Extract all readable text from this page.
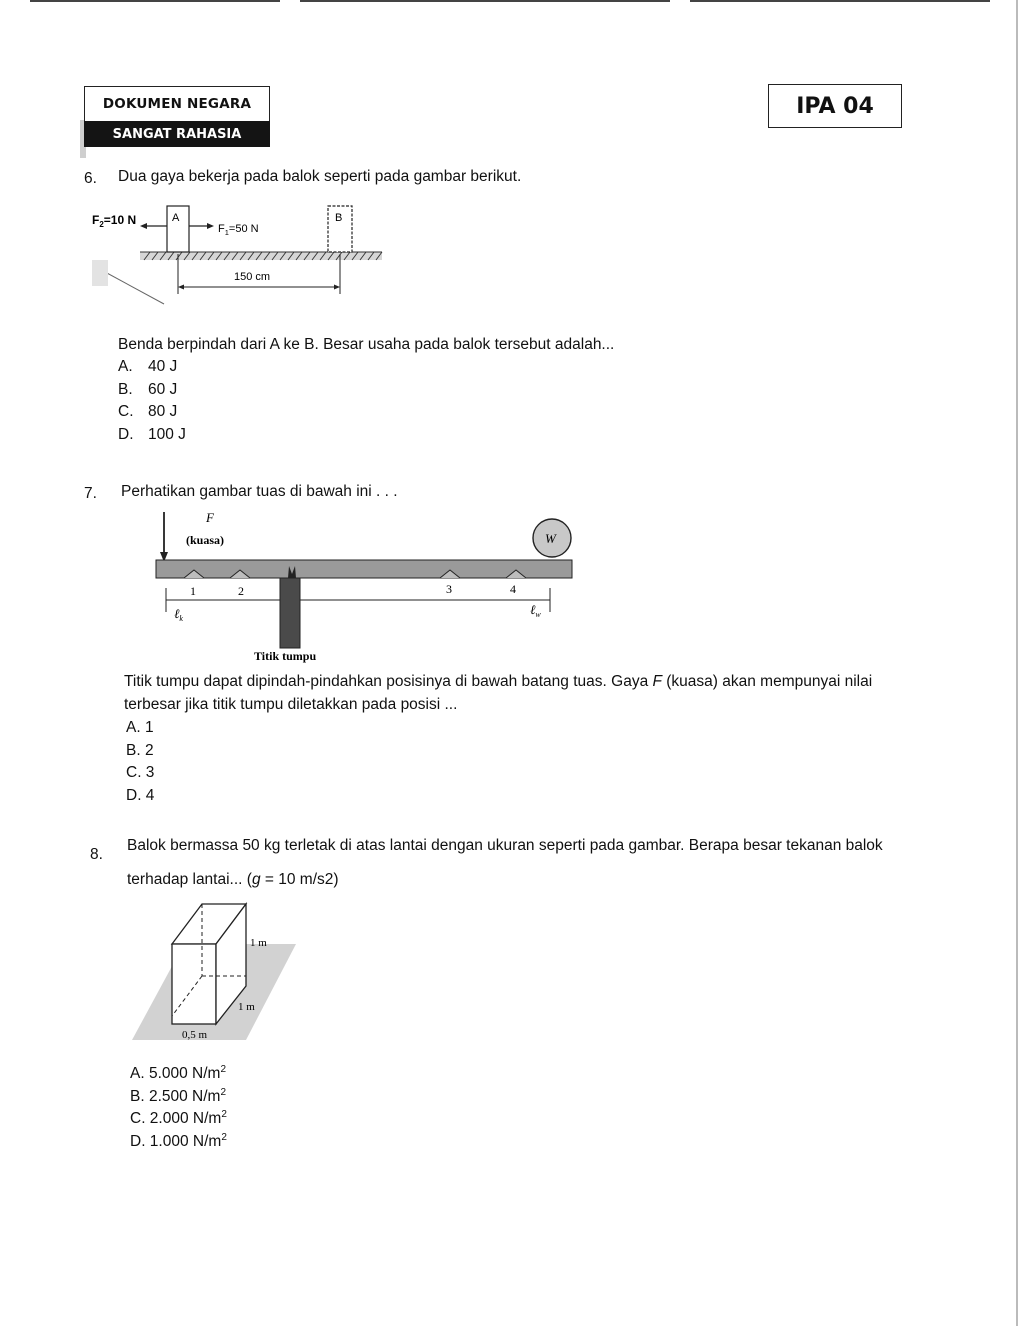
DOKUMEN NEGARA
SANGAT RAHASIA
IPA 04
6. Dua gaya bekerja pada balok seperti pada gambar berikut.
A	B
$F_2=10$ N
$F_1=50$ N
150 cm
Benda berpindah dari A ke B. Besar usaha pada balok tersebut adalah...
A. 40 J
B. 60 J
C. 80 J
D. 100 J
7. Perhatikan gambar tuas di bawah ini . . .
F
(kuasa)	W
1	2	3	4
ℓ$_k$
ℓ$_w$
Titik tumpu
Titik tumpu dapat dipindah-pindahkan posisinya di bawah batang tuas. Gaya F (kuasa) akan mempunyai nilai
terbesar jika titik tumpu diletakkan pada posisi ...
A. 1
B. 2
C. 3
D. 4
8.
Balok bermassa 50 kg terletak di atas lantai dengan ukuran seperti pada gambar. Berapa besar tekanan balok
terhadap lantai... (g = 10 m/s2)
1 m
1 m
0,5 m
A. 5.000 $N/m^2$
B. 2.500 $N/m^2$
C. 2.000 $N/m^2$
D. 1.000 $N/m^2$
